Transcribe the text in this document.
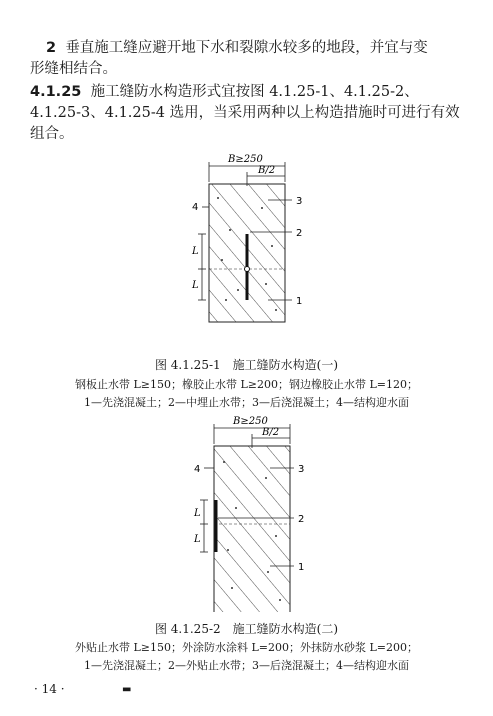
2 垂直施工缝应避开地下水和裂隙水较多的地段，并宜与变
形缝相结合。
4.1.25 施工缝防水构造形式宜按图 4.1.25-1、4.1.25-2、
4.1.25-3、4.1.25-4 选用，当采用两种以上构造措施时可进行有效
组合。
B≥250
B/2
L
L
4
3
2
1
图 4.1.25-1　施工缝防水构造(一)
钢板止水带 L≥150；橡胶止水带 L≥200；钢边橡胶止水带 L=120；
1—先浇混凝土；2—中埋止水带；3—后浇混凝土；4—结构迎水面
B≥250
B/2
L
L
4	3
2
1
图 4.1.25-2　施工缝防水构造(二)
外贴止水带 L≥150；外涂防水涂料 L=200；外抹防水砂浆 L=200；
1—先浇混凝土；2—外贴止水带；3—后浇混凝土；4—结构迎水面
· 14 ·	▬
